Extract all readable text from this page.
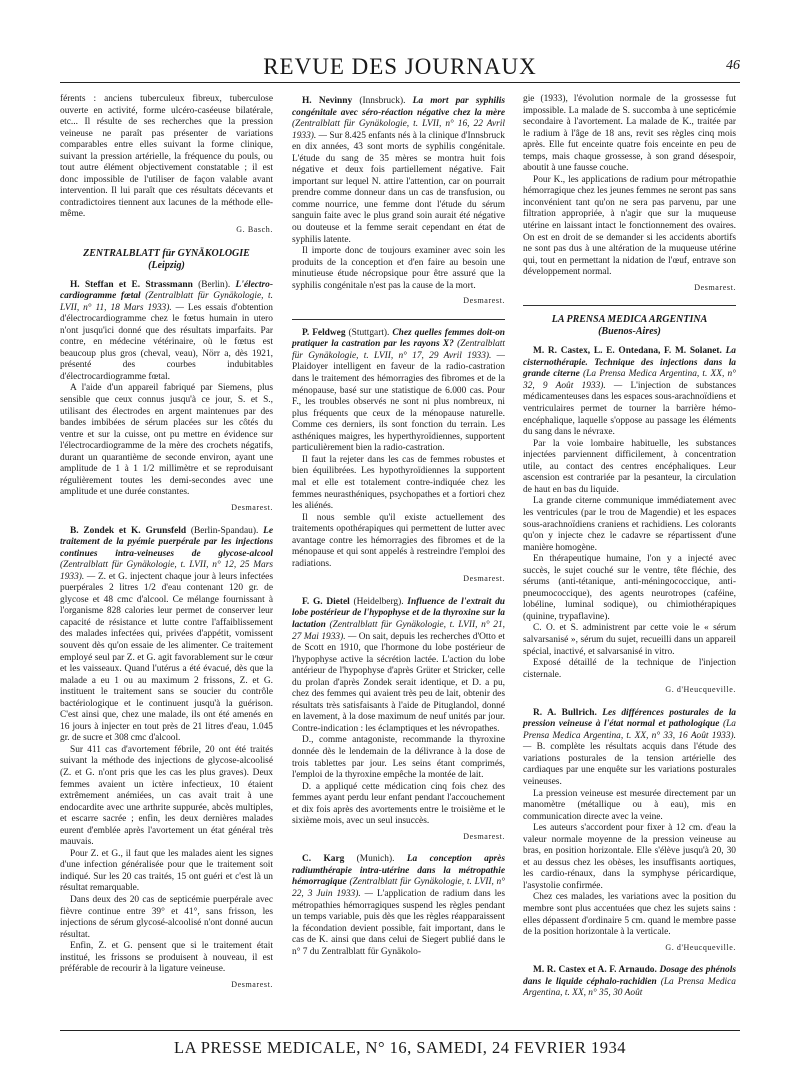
REVUE DES JOURNAUX	46

férents : anciens tuberculeux fibreux, tuberculose ouverte en activité, forme ulcéro-caséeuse bilatérale, etc... Il résulte de ses recherches que la pression veineuse ne paraît pas présenter de variations comparables entre elles suivant la forme clinique, suivant la pression artérielle, la fréquence du pouls, ou tout autre élément objectivement constatable ; il est donc impossible de l'utiliser de façon valable avant intervention. Il lui paraît que ces résultats décevants et contradictoires tiennent aux lacunes de la méthode elle-même.

G. Basch.
ZENTRALBLATT für GYNÄKOLOGIE
(Leipzig)

H. Steffan et E. Strassmann (Berlin). L'électro-cardiogramme fœtal (Zentralblatt für Gynäkologie, t. LVII, n° 11, 18 Mars 1933). — Les essais d'obtention d'électrocardiogramme chez le fœtus humain in utero n'ont jusqu'ici donné que des résultats imparfaits. Par contre, en médecine vétérinaire, où le fœtus est beaucoup plus gros (cheval, veau), Nörr a, dès 1921, présenté des courbes indubitables d'électrocardiogramme fœtal.

A l'aide d'un appareil fabriqué par Siemens, plus sensible que ceux connus jusqu'à ce jour, S. et S., utilisant des électrodes en argent maintenues par des bandes imbibées de sérum placées sur les côtés du ventre et sur la cuisse, ont pu mettre en évidence sur l'électrocardiogramme de la mère des crochets négatifs, durant un quarantième de seconde environ, ayant une amplitude de 1 à 1 1/2 millimètre et se reproduisant régulièrement toutes les demi-secondes avec une amplitude et une durée constantes.

Desmarest.

B. Zondek et K. Grunsfeld (Berlin-Spandau). Le traitement de la pyémie puerpérale par les injections continues intra-veineuses de glycose-alcool (Zentralblatt für Gynäkologie, t. LVII, n° 12, 25 Mars 1933). — Z. et G. injectent chaque jour à leurs infectées puerpérales 2 litres 1/2 d'eau contenant 120 gr. de glycose et 48 cmc d'alcool. Ce mélange fournissant à l'organisme 828 calories leur permet de conserver leur capacité de résistance et lutte contre l'affaiblissement des malades infectées qui, privées d'appétit, vomissent souvent dès qu'on essaie de les alimenter. Ce traitement employé seul par Z. et G. agit favorablement sur le cœur et les vaisseaux. Quand l'utérus a été évacué, dès que la malade a eu 1 ou au maximum 2 frissons, Z. et G. instituent le traitement sans se soucier du contrôle bactériologique et le continuent jusqu'à la guérison. C'est ainsi que, chez une malade, ils ont été amenés en 16 jours à injecter en tout près de 21 litres d'eau, 1.045 gr. de sucre et 308 cmc d'alcool.

Sur 411 cas d'avortement fébrile, 20 ont été traités suivant la méthode des injections de glycose-alcoolisé (Z. et G. n'ont pris que les cas les plus graves). Deux femmes avaient un ictère infectieux, 10 étaient extrêmement anémiées, un cas avait trait à une endocardite avec une arthrite suppurée, abcès multiples, et escarre sacrée ; enfin, les deux dernières malades eurent d'emblée après l'avortement un état général très mauvais.

Pour Z. et G., il faut que les malades aient les signes d'une infection généralisée pour que le traitement soit indiqué. Sur les 20 cas traités, 15 ont guéri et c'est là un résultat remarquable.

Dans deux des 20 cas de septicémie puerpérale avec fièvre continue entre 39° et 41°, sans frisson, les injections de sérum glycosé-alcoolisé n'ont donné aucun résultat.

Enfin, Z. et G. pensent que si le traitement était institué, les frissons se produisent à nouveau, il est préférable de recourir à la ligature veineuse.

Desmarest.

H. Nevinny (Innsbruck). La mort par syphilis congénitale avec séro-réaction négative chez la mère (Zentralblatt für Gynäkologie, t. LVII, n° 16, 22 Avril 1933). — Sur 8.425 enfants nés à la clinique d'Innsbruck en dix années, 43 sont morts de syphilis congénitale. L'étude du sang de 35 mères se montra huit fois négative et deux fois partiellement négative. Fait important sur lequel N. attire l'attention, car on pourrait prendre comme donneur dans un cas de transfusion, ou comme nourrice, une femme dont l'étude du sérum sanguin faite avec le plus grand soin aurait été négative ou douteuse et la femme serait cependant en état de syphilis latente.

Il importe donc de toujours examiner avec soin les produits de la conception et d'en faire au besoin une minutieuse étude nécropsique pour être assuré que la syphilis congénitale n'est pas la cause de la mort.

Desmarest.

P. Feldweg (Stuttgart). Chez quelles femmes doit-on pratiquer la castration par les rayons X? (Zentralblatt für Gynäkologie, t. LVII, n° 17, 29 Avril 1933). — Plaidoyer intelligent en faveur de la radio-castration dans le traitement des hémorragies des fibromes et de la ménopause, basé sur une statistique de 6.000 cas. Pour F., les troubles observés ne sont ni plus nombreux, ni plus fréquents que ceux de la ménopause naturelle. Comme ces derniers, ils sont fonction du terrain. Les asthéniques maigres, les hyperthyroïdiennes, supportent particulièrement bien la radio-castration.

Il faut la rejeter dans les cas de femmes robustes et bien équilibrées. Les hypothyroïdiennes la supportent mal et elle est totalement contre-indiquée chez les femmes neurasthéniques, psychopathes et a fortiori chez les aliénés.

Il nous semble qu'il existe actuellement des traitements opothérapiques qui permettent de lutter avec avantage contre les hémorragies des fibromes et de la ménopause et qui sont appelés à restreindre l'emploi des radiations.

Desmarest.

F. G. Dietel (Heidelberg). Influence de l'extrait du lobe postérieur de l'hypophyse et de la thyroxine sur la lactation (Zentralblatt für Gynäkologie, t. LVII, n° 21, 27 Mai 1933). — On sait, depuis les recherches d'Otto et de Scott en 1910, que l'hormone du lobe postérieur de l'hypophyse active la sécrétion lactée. L'action du lobe antérieur de l'hypophyse d'après Grüter et Stricker, celle du prolan d'après Zondek serait identique, et D. a pu, chez des femmes qui avaient très peu de lait, obtenir des résultats très satisfaisants à l'aide de Pituglandol, donné en lavement, à la dose maximum de neuf unités par jour. Contre-indication : les éclamptiques et les névropathes.

D., comme antagoniste, recommande la thyroxine donnée dès le lendemain de la délivrance à la dose de trois tablettes par jour. Les seins étant comprimés, l'emploi de la thyroxine empêche la montée de lait.

D. a appliqué cette médication cinq fois chez des femmes ayant perdu leur enfant pendant l'accouchement et dix fois après des avortements entre le troisième et le sixième mois, avec un seul insuccès.

Desmarest.

C. Karg (Munich). La conception après radiumthérapie intra-utérine dans la métropathie hémorragique (Zentralblatt für Gynäkologie, t. LVII, n° 22, 3 Juin 1933). — L'application de radium dans les métropathies hémorragiques suspend les règles pendant un temps variable, puis dès que les règles réapparaissent la fécondation devient possible, fait important, dans le cas de K. ainsi que dans celui de Siegert publié dans le n° 7 du Zentralblatt für Gynäkolo-

gie (1933), l'évolution normale de la grossesse fut impossible. La malade de S. succomba à une septicémie secondaire à l'avortement. La malade de K., traitée par le radium à l'âge de 18 ans, revit ses règles cinq mois après. Elle fut enceinte quatre fois enceinte en peu de temps, mais chaque grossesse, à son grand désespoir, aboutit à une fausse couche.

Pour K., les applications de radium pour métropathie hémorragique chez les jeunes femmes ne seront pas sans inconvénient tant qu'on ne sera pas parvenu, par une filtration appropriée, à n'agir que sur la muqueuse utérine en laissant intact le fonctionnement des ovaires. On est en droit de se demander si les accidents abortifs ne sont pas dus à une altération de la muqueuse utérine qui, tout en permettant la nidation de l'œuf, entrave son développement normal.

Desmarest.
LA PRENSA MEDICA ARGENTINA
(Buenos-Aires)

M. R. Castex, L. E. Ontedana, F. M. Solanet. La cisternothérapie. Technique des injections dans la grande citerne (La Prensa Medica Argentina, t. XX, n° 32, 9 Août 1933). — L'injection de substances médicamenteuses dans les espaces sous-arachnoïdiens et ventriculaires permet de tourner la barrière hémo-encéphalique, laquelle s'oppose au passage les éléments du sang dans le névraxe.

Par la voie lombaire habituelle, les substances injectées parviennent difficilement, à concentration utile, au contact des centres encéphaliques. Leur ascension est contrariée par la pesanteur, la circulation de haut en bas du liquide.

La grande citerne communique immédiatement avec les ventricules (par le trou de Magendie) et les espaces sous-arachnoïdiens craniens et rachidiens. Les colorants qu'on y injecte chez le cadavre se répartissent d'une manière homogène.

En thérapeutique humaine, l'on y a injecté avec succès, le sujet couché sur le ventre, tête fléchie, des sérums (anti-tétanique, anti-méningococcique, anti-pneumococcique), des agents neurotropes (caféine, lobéline, luminal sodique), ou chimiothérapiques (quinine, trypaflavine).

C. O. et S. administrent par cette voie le « sérum salvarsanisé », sérum du sujet, recueilli dans un appareil spécial, inactivé, et salvarsanisé in vitro.

Exposé détaillé de la technique de l'injection cisternale.

G. d'Heucqueville.

R. A. Bullrich. Les différences posturales de la pression veineuse à l'état normal et pathologique (La Prensa Medica Argentina, t. XX, n° 33, 16 Août 1933). — B. complète les résultats acquis dans l'étude des variations posturales de la tension artérielle des cardiaques par une enquête sur les variations posturales veineuses.

La pression veineuse est mesurée directement par un manomètre (métallique ou à eau), mis en communication directe avec la veine.

Les auteurs s'accordent pour fixer à 12 cm. d'eau la valeur normale moyenne de la pression veineuse au bras, en position horizontale. Elle s'élève jusqu'à 20, 30 et au dessus chez les obèses, les insuffisants aortiques, les cardio-rénaux, dans la symphyse péricardique, l'asystolie confirmée.

Chez ces malades, les variations avec la position du membre sont plus accentuées que chez les sujets sains : elles dépassent d'ordinaire 5 cm. quand le membre passe de la position horizontale à la verticale.

G. d'Heucqueville.

M. R. Castex et A. F. Arnaudo. Dosage des phénols dans le liquide céphalo-rachidien (La Prensa Medica Argentina, t. XX, n° 35, 30 Août

LA PRESSE MEDICALE, N° 16, SAMEDI, 24 FEVRIER 1934
